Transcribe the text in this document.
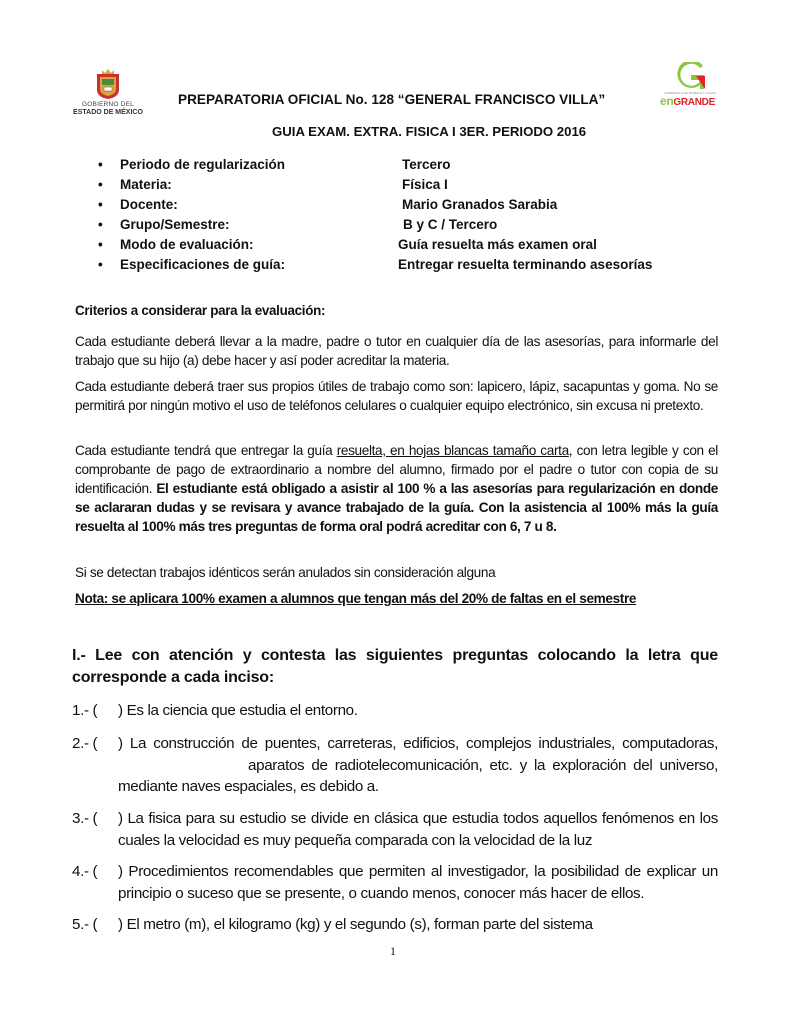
GOBIERNO DEL
ESTADO DE MÉXICO
GOBIERNO QUE TRABAJA Y LOGRA
enGRANDE
PREPARATORIA OFICIAL No. 128 “GENERAL FRANCISCO VILLA”
GUIA EXAM. EXTRA. FISICA I 3ER. PERIODO 2016
• Periodo de regularización	Tercero
• Materia:	Física I
• Docente:	Mario Granados Sarabia
• Grupo/Semestre:	B y C / Tercero
• Modo de evaluación:	Guía resuelta más examen oral
• Especificaciones de guía:	Entregar resuelta terminando asesorías
Criterios a considerar para la evaluación:
Cada estudiante deberá llevar a la madre, padre o tutor en cualquier día de las asesorías, para informarle del trabajo que su hijo (a) debe hacer y así poder acreditar la materia.
Cada estudiante deberá traer sus propios útiles de trabajo como son: lapicero, lápiz, sacapuntas y goma. No se permitirá por ningún motivo el uso de teléfonos celulares o cualquier equipo electrónico, sin excusa ni pretexto.
Cada estudiante tendrá que entregar la guía resuelta, en hojas blancas tamaño carta, con letra legible y con el comprobante de pago de extraordinario a nombre del alumno, firmado por el padre o tutor con copia de su identificación. El estudiante está obligado a asistir al 100 % a las asesorías para regularización en donde se aclararan dudas y se revisara y avance trabajado de la guía. Con la asistencia al 100% más la guía resuelta al 100% más tres preguntas de forma oral podrá acreditar con 6, 7 u 8.
Si se detectan trabajos idénticos serán anulados sin consideración alguna
Nota: se aplicara 100% examen a alumnos que tengan más del 20% de faltas en el semestre
I.- Lee con atención y contesta las siguientes preguntas colocando la letra que corresponde a cada inciso:
1.- ( ) Es la ciencia que estudia el entorno.
2.- ( ) La construcción de puentes, carreteras, edificios, complejos industriales, computadoras,aparatos de radiotelecomunicación, etc. y la exploración del universo, mediante naves espaciales, es debido a.
3.- ( ) La fisica para su estudio se divide en clásica que estudia todos aquellos fenómenos en los cuales la velocidad es muy pequeña comparada con la velocidad de la luz
4.- ( ) Procedimientos recomendables que permiten al investigador, la posibilidad de explicar un principio o suceso que se presente, o cuando menos, conocer más hacer de ellos.
5.- ( ) El metro (m), el kilogramo (kg) y el segundo (s), forman parte del sistema
1
